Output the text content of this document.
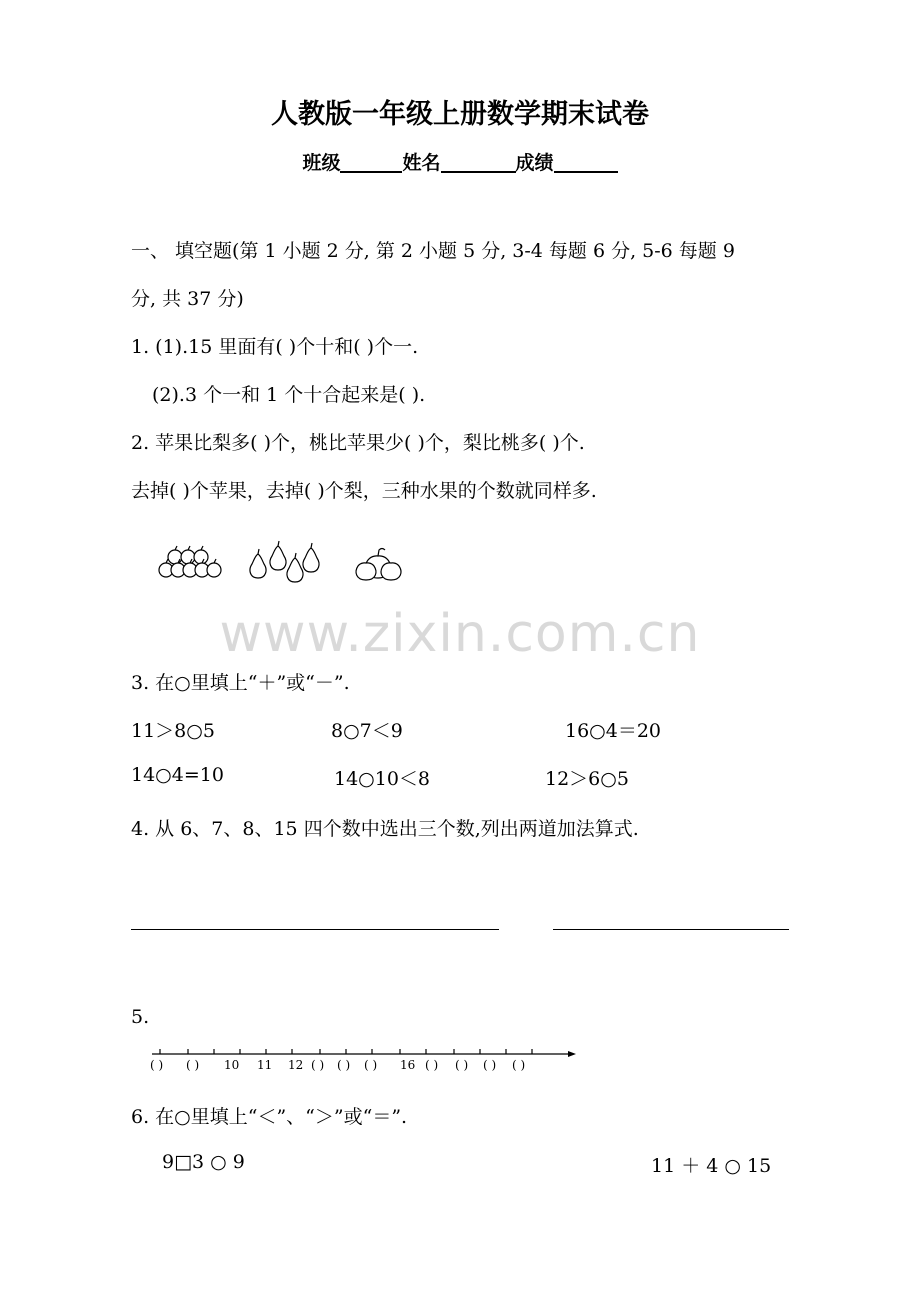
人教版一年级上册数学期末试卷
班级	姓名	成绩
一、 填空题(第 1 小题 2 分, 第 2 小题 5 分, 3-4 每题 6 分, 5-6 每题 9
分, 共 37 分)
1. (1).15 里面有( )个十和( )个一.
(2).3 个一和 1 个十合起来是( ).
2. 苹果比梨多( )个，桃比苹果少( )个，梨比桃多( )个.
去掉( )个苹果，去掉( )个梨，三种水果的个数就同样多.
www.zixin.com.cn
3. 在○里填上“＋”或“－”.
11＞8○5	8○7＜9	16○4＝20
14○4=10	14○10＜8	12＞6○5
4. 从 6、7、8、15 四个数中选出三个数,列出两道加法算式.
5.
( ) ( ) 10 11 12 ( ) ( ) ( ) 16 ( ) ( ) ( ) ( )
6. 在○里填上“＜”、“＞”或“＝”.
9□3 ○ 9	11 ＋ 4 ○ 15
